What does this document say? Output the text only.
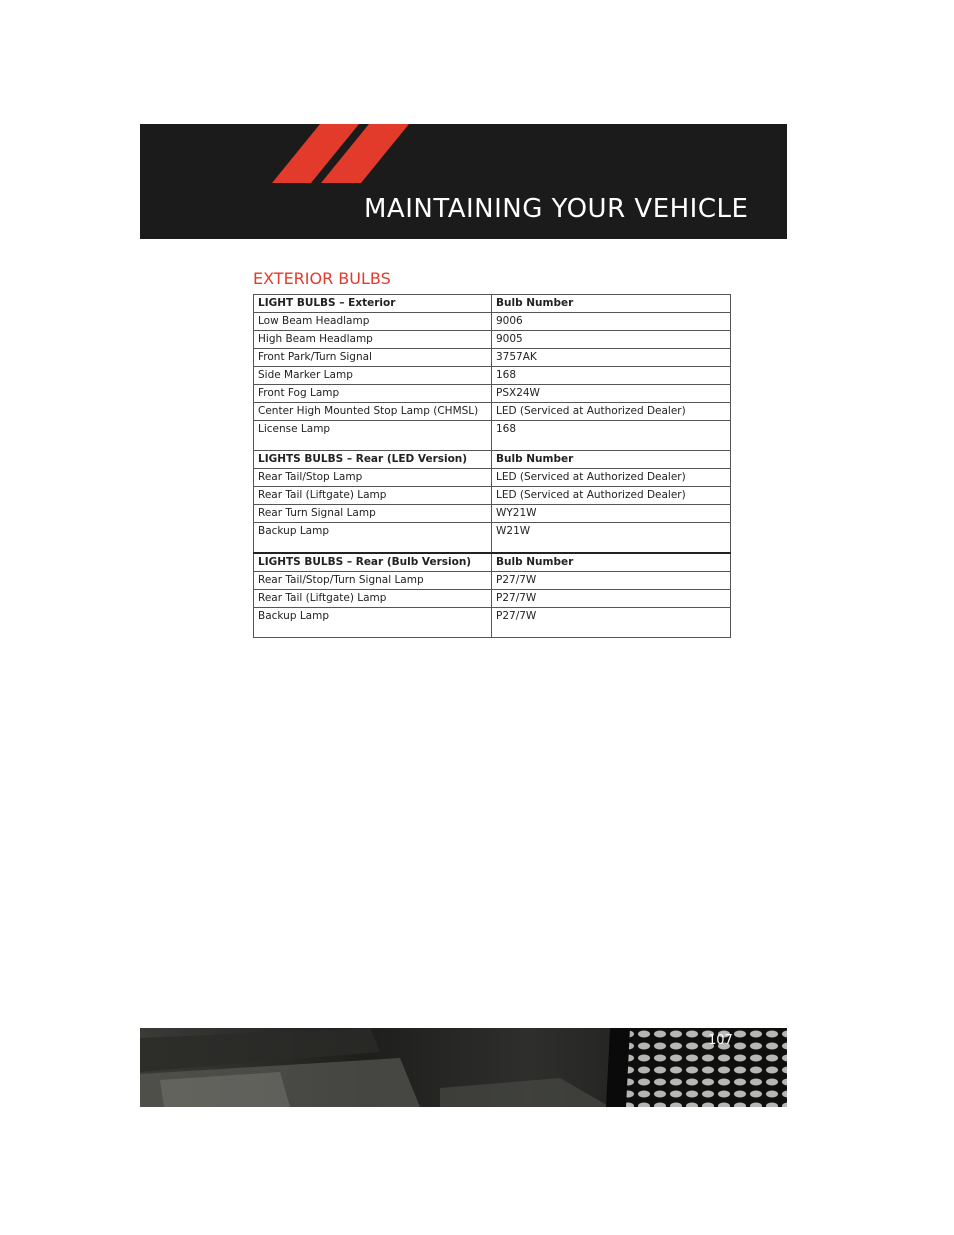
MAINTAINING YOUR VEHICLE
EXTERIOR BULBS
LIGHT BULBS – Exterior	Bulb Number
Low Beam Headlamp	9006
High Beam Headlamp	9005
Front Park/Turn Signal	3757AK
Side Marker Lamp	168
Front Fog Lamp	PSX24W
Center High Mounted Stop Lamp (CHMSL)	LED (Serviced at Authorized Dealer)
License Lamp	168
LIGHTS BULBS – Rear (LED Version)	Bulb Number
Rear Tail/Stop Lamp	LED (Serviced at Authorized Dealer)
Rear Tail (Liftgate) Lamp	LED (Serviced at Authorized Dealer)
Rear Turn Signal Lamp	WY21W
Backup Lamp	W21W
LIGHTS BULBS – Rear (Bulb Version)	Bulb Number
Rear Tail/Stop/Turn Signal Lamp	P27/7W
Rear Tail (Liftgate) Lamp	P27/7W
Backup Lamp	P27/7W
107
